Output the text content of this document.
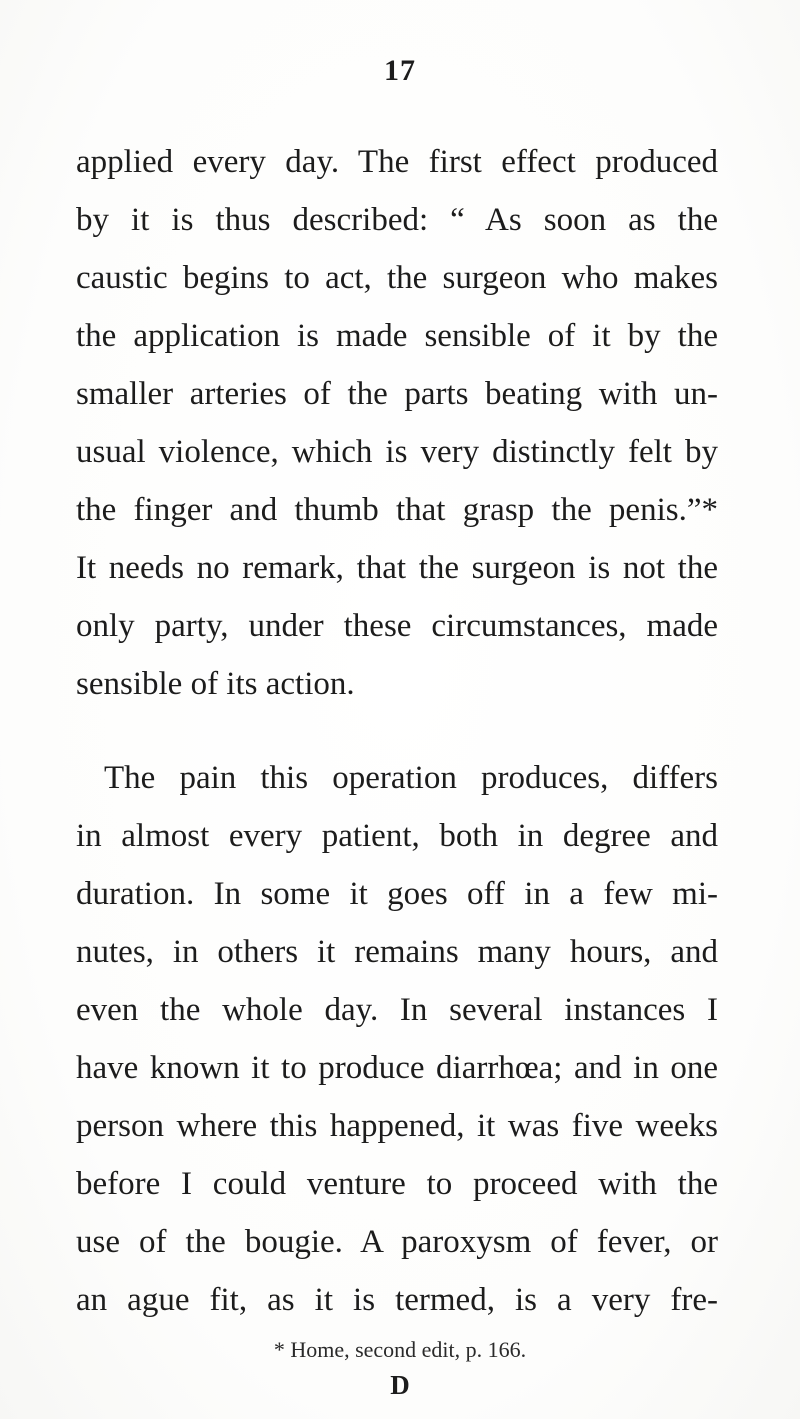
17
applied every day. The first effect produced
by it is thus described: “ As soon as the
caustic begins to act, the surgeon who makes
the application is made sensible of it by the
smaller arteries of the parts beating with un-
usual violence, which is very distinctly felt by
the finger and thumb that grasp the penis.”*
It needs no remark, that the surgeon is not the
only party, under these circumstances, made
sensible of its action.
The pain this operation produces, differs
in almost every patient, both in degree and
duration. In some it goes off in a few mi-
nutes, in others it remains many hours, and
even the whole day. In several instances I
have known it to produce diarrhœa; and in one
person where this happened, it was five weeks
before I could venture to proceed with the
use of the bougie. A paroxysm of fever, or
an ague fit, as it is termed, is a very fre-
* Home, second edit, p. 166.
D
